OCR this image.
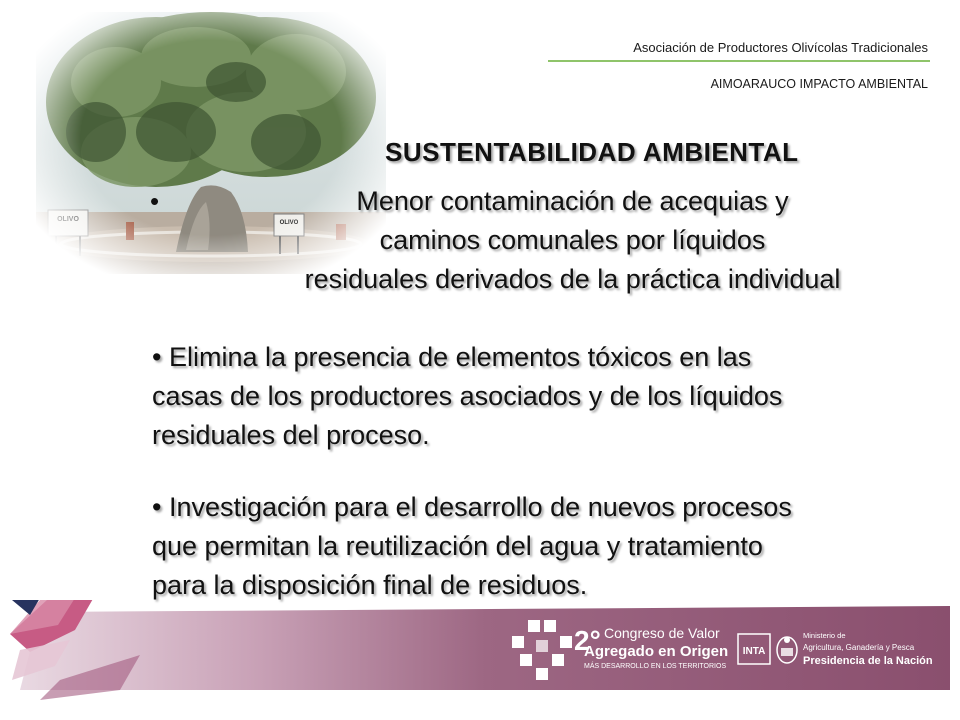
Asociación de Productores Olivícolas Tradicionales
AIMOARAUCO IMPACTO AMBIENTAL
SUSTENTABILIDAD AMBIENTAL
•	Menor contaminación de acequias y
caminos comunales por líquidos
residuales derivados de la práctica individual
• Elimina la presencia de elementos tóxicos en las
casas de los productores asociados y de los líquidos
residuales del proceso.
• Investigación para el desarrollo de nuevos procesos
que permitan la reutilización del agua y tratamiento
para la disposición final de residuos.
2° Congreso de Valor
Agregado en Origen
MÁS DESARROLLO EN LOS TERRITORIOS
INTA
Ministerio de
Agricultura, Ganadería y Pesca
Presidencia de la Nación
